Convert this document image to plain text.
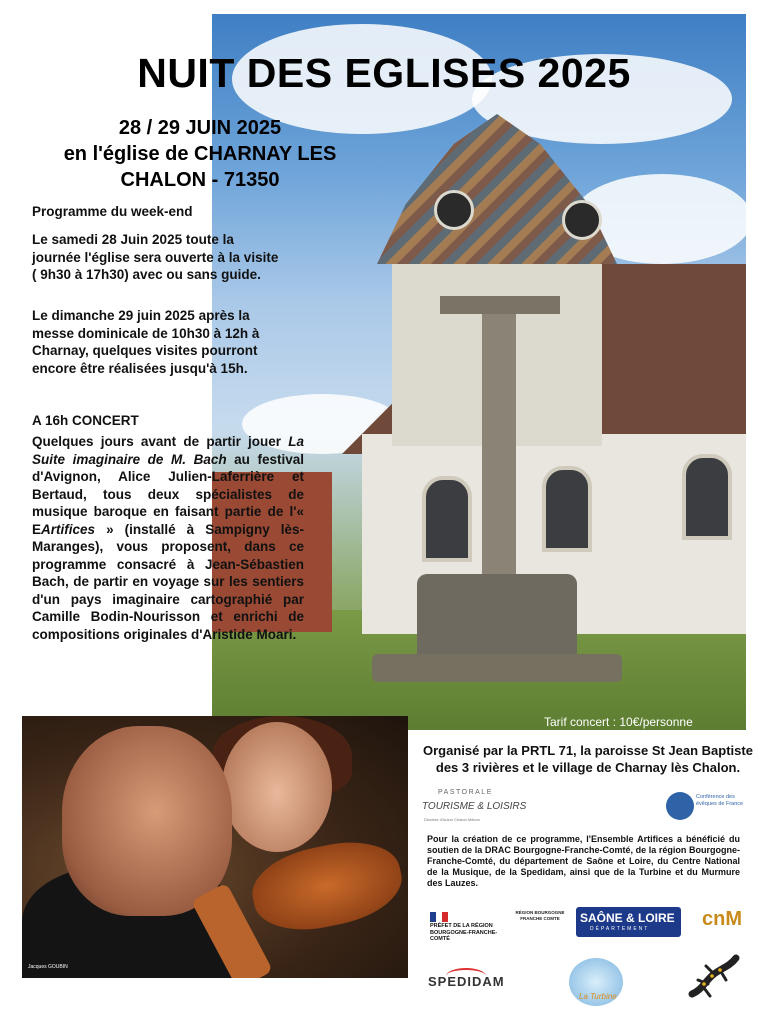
NUIT DES EGLISES 2025
28 / 29 JUIN 2025
en l'église de CHARNAY LES
CHALON - 71350
Programme du week-end
Le samedi 28 Juin 2025 toute la journée l'église sera ouverte à la visite ( 9h30 à 17h30) avec ou sans guide.
Le dimanche 29 juin 2025 après la messe dominicale de 10h30 à 12h à Charnay, quelques visites pourront encore être réalisées jusqu'à 15h.
A 16h CONCERT
Quelques jours avant de partir jouer La Suite imaginaire de M. Bach au festival d'Avignon, Alice Julien-Laferrière et Bertaud, tous deux spécialistes de musique baroque en faisant partie de l'« EArtifices » (installé à Sampigny lès-Maranges), vous proposent, dans ce programme consacré à Jean-Sébastien Bach, de partir en voyage sur les sentiers d'un pays imaginaire cartographié par Camille Bodin-Nourisson et enrichi de compositions originales d'Aristide Moari.
Tarif concert : 10€/personne
Jacques GOUBIN
Organisé par la PRTL 71, la paroisse St Jean Baptiste des 3 rivières et le village de Charnay lès Chalon.
PASTORALE
TOURISME & LOISIRS
Diocèse d'Autun Chalon Mâcon
Conférence des évêques de France
Pour la création de ce programme, l'Ensemble Artifices a bénéficié du soutien de la DRAC Bourgogne-Franche-Comté, de la région Bourgogne-Franche-Comté, du département de Saône et Loire, du Centre National de la Musique, de la Spedidam, ainsi que de la Turbine et du Murmure des Lauzes.
PRÉFET DE LA RÉGION BOURGOGNE-FRANCHE-COMTÉ
RÉGION BOURGOGNE FRANCHE COMTE	SAÔNE & LOIRE
DÉPARTEMENT	cnM
SPEDIDAM
La Turbine
